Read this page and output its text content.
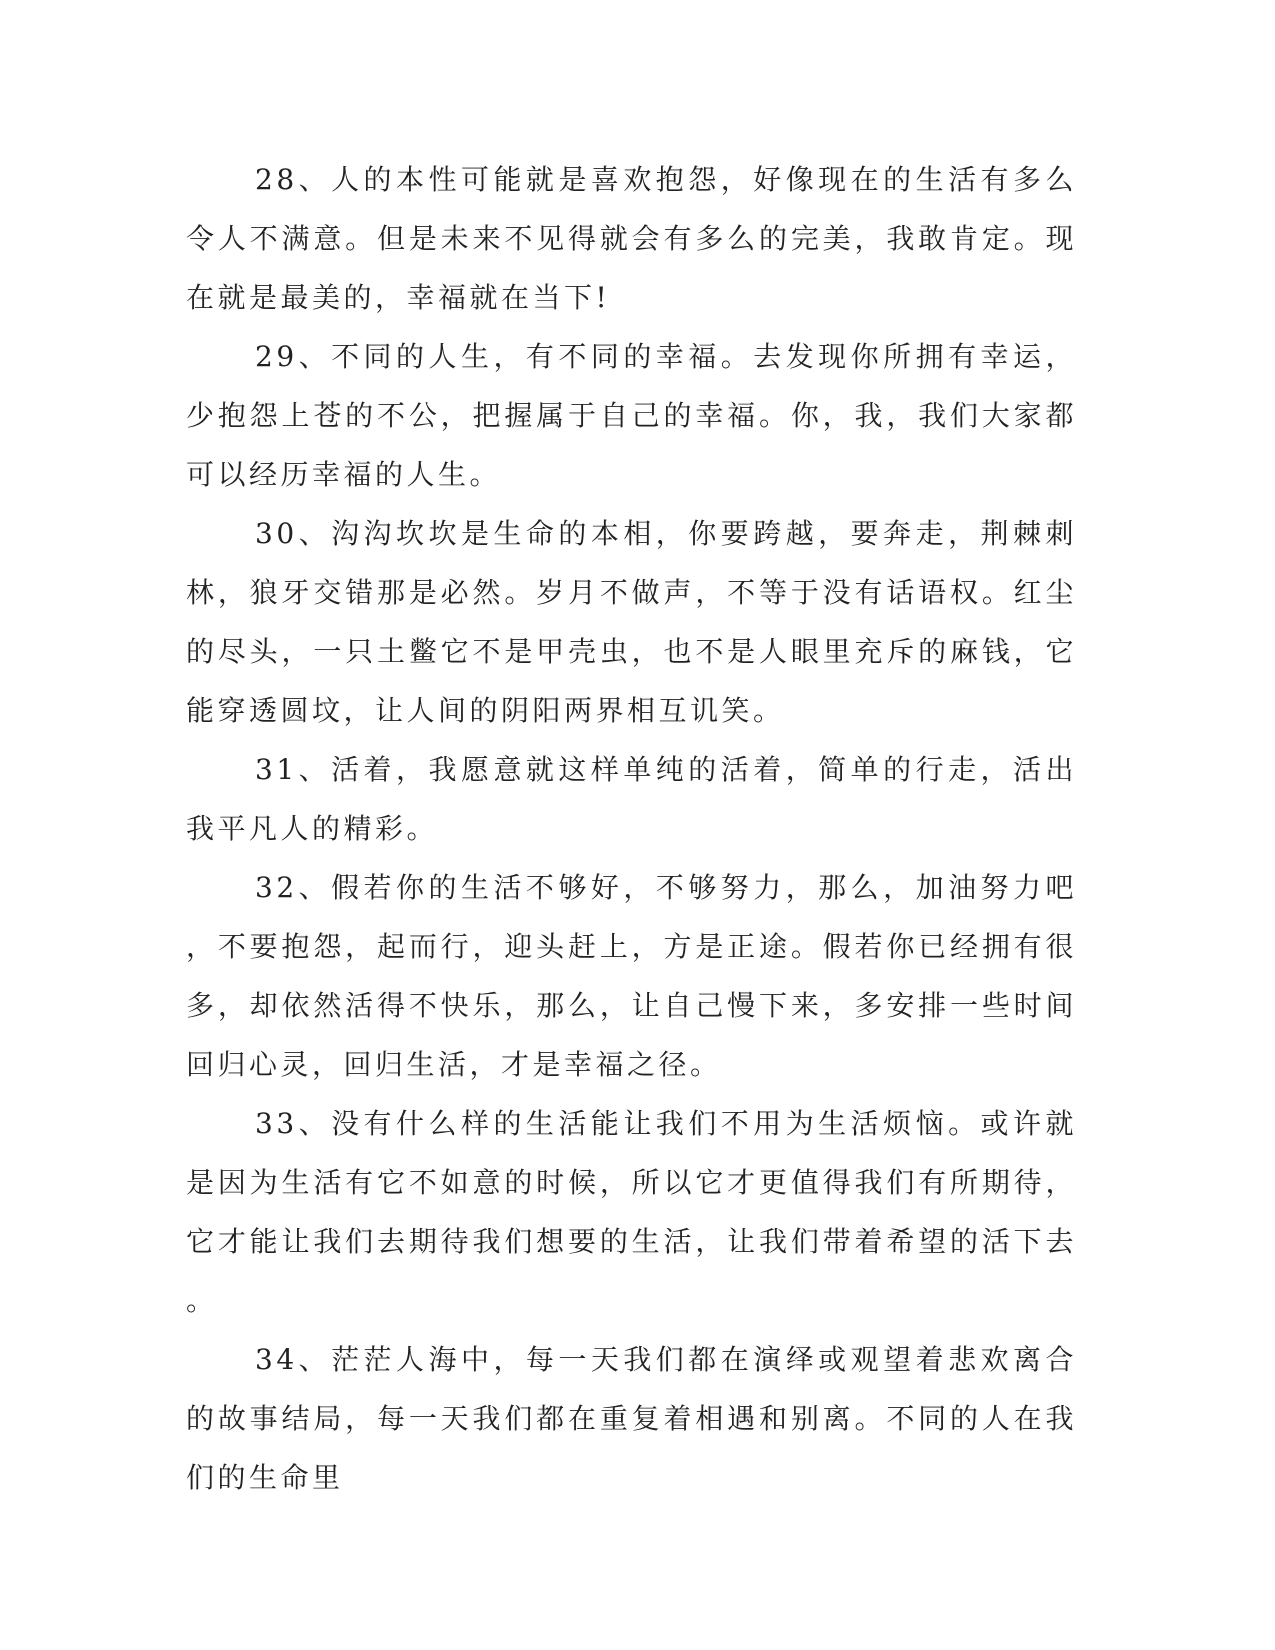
28、人的本性可能就是喜欢抱怨，好像现在的生活有多么令人不满意。但是未来不见得就会有多么的完美，我敢肯定。现在就是最美的，幸福就在当下!

29、不同的人生，有不同的幸福。去发现你所拥有幸运，少抱怨上苍的不公，把握属于自己的幸福。你，我，我们大家都可以经历幸福的人生。

30、沟沟坎坎是生命的本相，你要跨越，要奔走，荆棘刺林，狼牙交错那是必然。岁月不做声，不等于没有话语权。红尘的尽头，一只土鳖它不是甲壳虫，也不是人眼里充斥的麻钱，它能穿透圆坟，让人间的阴阳两界相互讥笑。

31、活着，我愿意就这样单纯的活着，简单的行走，活出我平凡人的精彩。

32、假若你的生活不够好，不够努力，那么，加油努力吧，不要抱怨，起而行，迎头赶上，方是正途。假若你已经拥有很多，却依然活得不快乐，那么，让自己慢下来，多安排一些时间回归心灵，回归生活，才是幸福之径。

33、没有什么样的生活能让我们不用为生活烦恼。或许就是因为生活有它不如意的时候，所以它才更值得我们有所期待，它才能让我们去期待我们想要的生活，让我们带着希望的活下去。

34、茫茫人海中，每一天我们都在演绎或观望着悲欢离合的故事结局，每一天我们都在重复着相遇和别离。不同的人在我们的生命里
